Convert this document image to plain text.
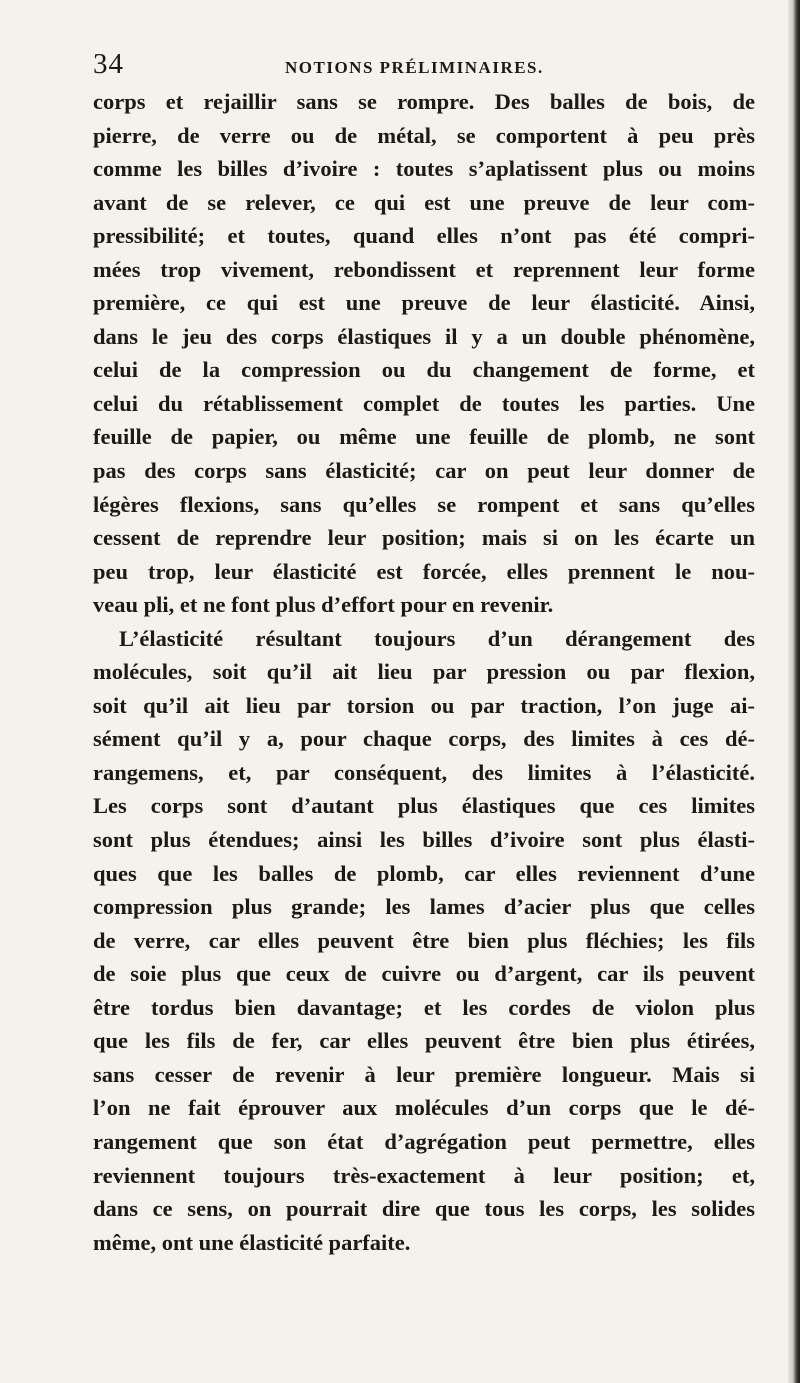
34	NOTIONS PRÉLIMINAIRES.
corps et rejaillir sans se rompre. Des balles de bois, de
pierre, de verre ou de métal, se comportent à peu près
comme les billes d’ivoire : toutes s’aplatissent plus ou moins
avant de se relever, ce qui est une preuve de leur com-
pressibilité; et toutes, quand elles n’ont pas été compri-
mées trop vivement, rebondissent et reprennent leur forme
première, ce qui est une preuve de leur élasticité. Ainsi,
dans le jeu des corps élastiques il y a un double phénomène,
celui de la compression ou du changement de forme, et
celui du rétablissement complet de toutes les parties. Une
feuille de papier, ou même une feuille de plomb, ne sont
pas des corps sans élasticité; car on peut leur donner de
légères flexions, sans qu’elles se rompent et sans qu’elles
cessent de reprendre leur position; mais si on les écarte un
peu trop, leur élasticité est forcée, elles prennent le nou-
veau pli, et ne font plus d’effort pour en revenir.
L’élasticité résultant toujours d’un dérangement des
molécules, soit qu’il ait lieu par pression ou par flexion,
soit qu’il ait lieu par torsion ou par traction, l’on juge ai-
sément qu’il y a, pour chaque corps, des limites à ces dé-
rangemens, et, par conséquent, des limites à l’élasticité.
Les corps sont d’autant plus élastiques que ces limites
sont plus étendues; ainsi les billes d’ivoire sont plus élasti-
ques que les balles de plomb, car elles reviennent d’une
compression plus grande; les lames d’acier plus que celles
de verre, car elles peuvent être bien plus fléchies; les fils
de soie plus que ceux de cuivre ou d’argent, car ils peuvent
être tordus bien davantage; et les cordes de violon plus
que les fils de fer, car elles peuvent être bien plus étirées,
sans cesser de revenir à leur première longueur. Mais si
l’on ne fait éprouver aux molécules d’un corps que le dé-
rangement que son état d’agrégation peut permettre, elles
reviennent toujours très-exactement à leur position; et,
dans ce sens, on pourrait dire que tous les corps, les solides
même, ont une élasticité parfaite.
